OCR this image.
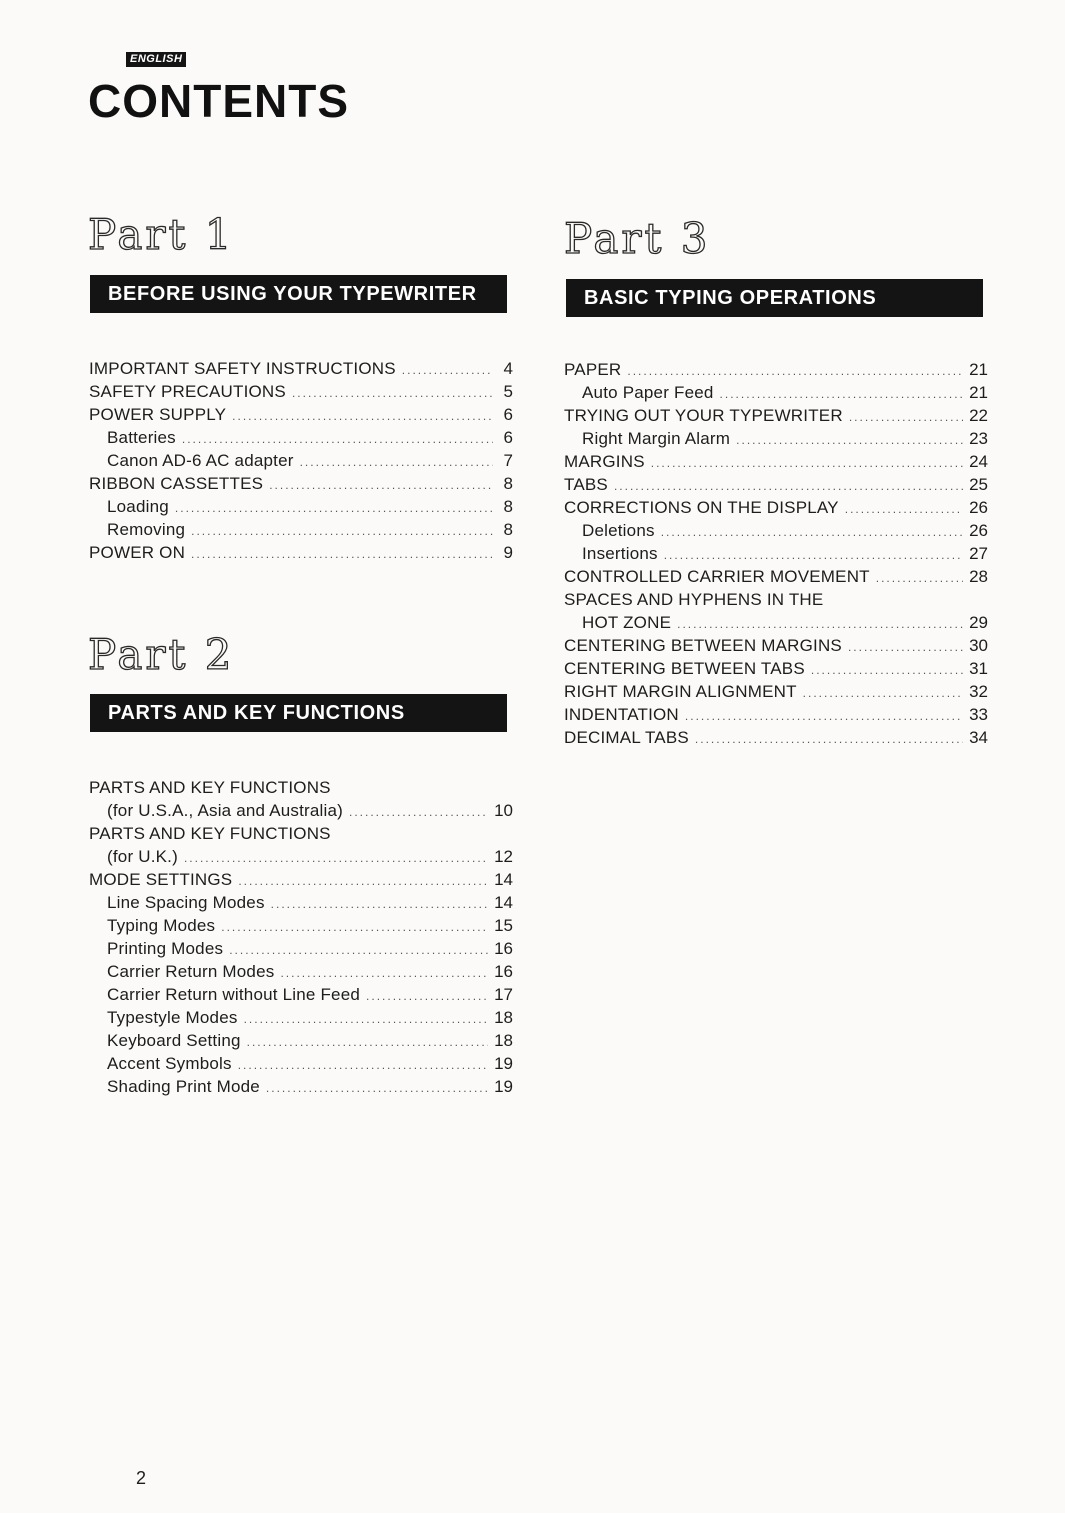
ENGLISH
CONTENTS
Part 1
BEFORE USING YOUR TYPEWRITER
IMPORTANT SAFETY INSTRUCTIONS .....	4
SAFETY PRECAUTIONS .....	5
POWER SUPPLY .....	6
Batteries .....	6
Canon AD-6 AC adapter .....	7
RIBBON CASSETTES .....	8
Loading .....	8
Removing .....	8
POWER ON .....	9
Part 2
PARTS AND KEY FUNCTIONS
PARTS AND KEY FUNCTIONS
(for U.S.A., Asia and Australia) .....	10
PARTS AND KEY FUNCTIONS
(for U.K.) .....	12
MODE SETTINGS .....	14
Line Spacing Modes .....	14
Typing Modes .....	15
Printing Modes .....	16
Carrier Return Modes .....	16
Carrier Return without Line Feed .....	17
Typestyle Modes .....	18
Keyboard Setting .....	18
Accent Symbols .....	19
Shading Print Mode .....	19
Part 3
BASIC TYPING OPERATIONS
PAPER .....	21
Auto Paper Feed .....	21
TRYING OUT YOUR TYPEWRITER .....	22
Right Margin Alarm .....	23
MARGINS .....	24
TABS .....	25
CORRECTIONS ON THE DISPLAY .....	26
Deletions .....	26
Insertions .....	27
CONTROLLED CARRIER MOVEMENT .....	28
SPACES AND HYPHENS IN THE
HOT ZONE .....	29
CENTERING BETWEEN MARGINS .....	30
CENTERING BETWEEN TABS .....	31
RIGHT MARGIN ALIGNMENT .....	32
INDENTATION .....	33
DECIMAL TABS .....	34

2
